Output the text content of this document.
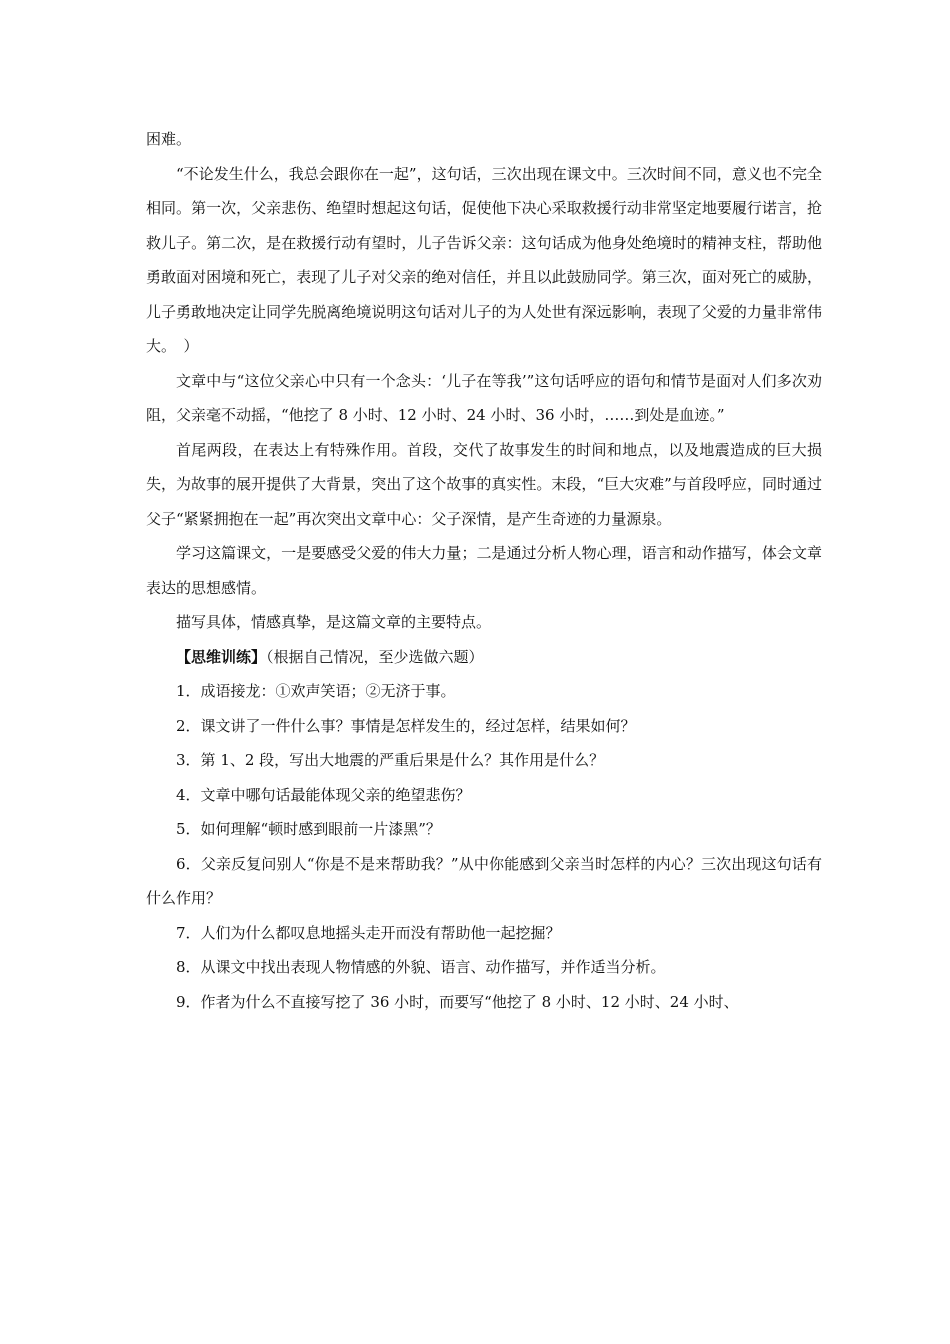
困难。

“不论发生什么，我总会跟你在一起”，这句话，三次出现在课文中。三次时间不同，意义也不完全相同。第一次，父亲悲伤、绝望时想起这句话，促使他下决心采取救援行动非常坚定地要履行诺言，抢救儿子。第二次，是在救援行动有望时，儿子告诉父亲：这句话成为他身处绝境时的精神支柱，帮助他勇敢面对困境和死亡，表现了儿子对父亲的绝对信任，并且以此鼓励同学。第三次，面对死亡的威胁，儿子勇敢地决定让同学先脱离绝境说明这句话对儿子的为人处世有深远影响，表现了父爱的力量非常伟大。　）

文章中与“这位父亲心中只有一个念头：‘儿子在等我’”这句话呼应的语句和情节是面对人们多次劝阻，父亲毫不动摇，“他挖了 8 小时、12 小时、24 小时、36 小时，……到处是血迹。”

首尾两段，在表达上有特殊作用。首段，交代了故事发生的时间和地点，以及地震造成的巨大损失，为故事的展开提供了大背景，突出了这个故事的真实性。末段，“巨大灾难”与首段呼应，同时通过父子“紧紧拥抱在一起”再次突出文章中心：父子深情，是产生奇迹的力量源泉。

学习这篇课文，一是要感受父爱的伟大力量；二是通过分析人物心理，语言和动作描写，体会文章表达的思想感情。

描写具体，情感真挚，是这篇文章的主要特点。

【思维训练】（根据自己情况，至少选做六题）

1．成语接龙：①欢声笑语；②无济于事。
2．课文讲了一件什么事？事情是怎样发生的，经过怎样，结果如何？
3．第 1、2 段，写出大地震的严重后果是什么？其作用是什么？
4．文章中哪句话最能体现父亲的绝望悲伤？
5．如何理解“顿时感到眼前一片漆黑”？
6．父亲反复问别人“你是不是来帮助我？”从中你能感到父亲当时怎样的内心？三次出现这句话有什么作用？
7．人们为什么都叹息地摇头走开而没有帮助他一起挖掘？
8．从课文中找出表现人物情感的外貌、语言、动作描写，并作适当分析。
9．作者为什么不直接写挖了 36 小时，而要写“他挖了 8 小时、12 小时、24 小时、
